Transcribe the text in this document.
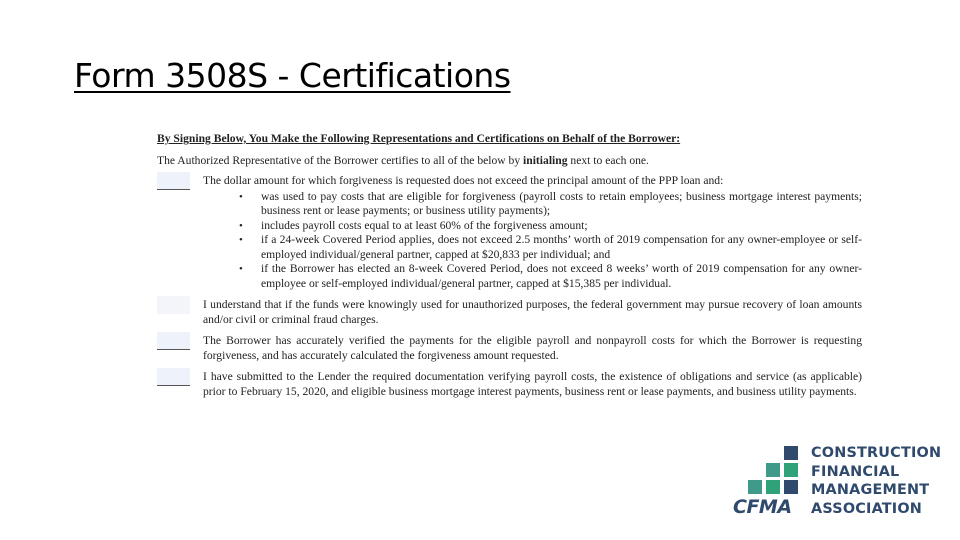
Form 3508S - Certifications
By Signing Below, You Make the Following Representations and Certifications on Behalf of the Borrower:
The Authorized Representative of the Borrower certifies to all of the below by initialing next to each one.
The dollar amount for which forgiveness is requested does not exceed the principal amount of the PPP loan and:
• was used to pay costs that are eligible for forgiveness (payroll costs to retain employees; business mortgage interest payments; business rent or lease payments; or business utility payments);
• includes payroll costs equal to at least 60% of the forgiveness amount;
• if a 24-week Covered Period applies, does not exceed 2.5 months’ worth of 2019 compensation for any owner-employee or self-employed individual/general partner, capped at $20,833 per individual; and
• if the Borrower has elected an 8-week Covered Period, does not exceed 8 weeks’ worth of 2019 compensation for any owner-employee or self-employed individual/general partner, capped at $15,385 per individual.
I understand that if the funds were knowingly used for unauthorized purposes, the federal government may pursue recovery of loan amounts and/or civil or criminal fraud charges.
The Borrower has accurately verified the payments for the eligible payroll and nonpayroll costs for which the Borrower is requesting forgiveness, and has accurately calculated the forgiveness amount requested.
I have submitted to the Lender the required documentation verifying payroll costs, the existence of obligations and service (as applicable) prior to February 15, 2020, and eligible business mortgage interest payments, business rent or lease payments, and business utility payments.
CONSTRUCTION
FINANCIAL
MANAGEMENT
ASSOCIATION
CFMA
